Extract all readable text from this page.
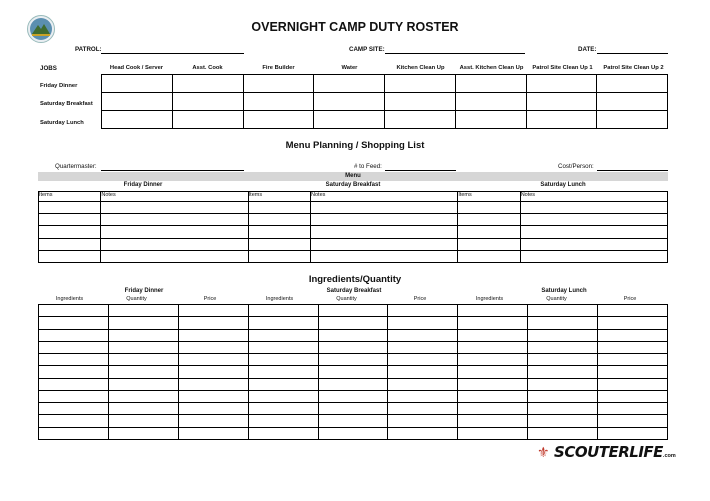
OVERNIGHT CAMP DUTY ROSTER
PATROL:	CAMP SITE:	DATE:
JOBS	Head Cook / Server	Asst. Cook	Fire Builder	Water	Kitchen Clean Up	Asst. Kitchen Clean Up	Patrol Site Clean Up 1	Patrol Site Clean Up 2
Friday Dinner
Saturday Breakfast
Saturday Lunch

Menu Planning / Shopping List
Quartermaster:	# to Feed:	Cost/Person:
Menu
Friday Dinner	Saturday Breakfast	Saturday Lunch
Items	Notes	Items	Notes	Items	Notes

Ingredients/Quantity
Friday Dinner	Saturday Breakfast	Saturday Lunch
Ingredients	Quantity	Price	Ingredients	Quantity	Price	Ingredients	Quantity	Price

⚜ SCOUTERLIFE.com
